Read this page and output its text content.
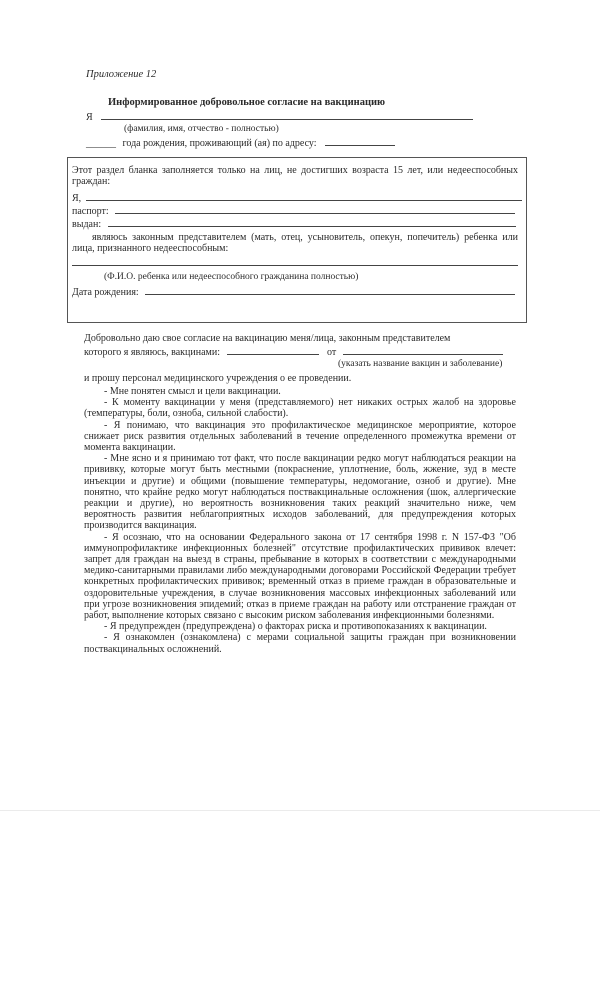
Приложение 12
Информированное добровольное согласие на вакцинацию
Я
(фамилия, имя, отчество - полностью)
______ года рождения, проживающий (ая) по адресу:
Этот раздел бланка заполняется только на лиц, не достигших возраста 15 лет, или недееспособных граждан:
Я,
паспорт:
выдан:
являюсь законным представителем (мать, отец, усыновитель, опекун, попечитель) ребенка или лица, признанного недееспособным:
(Ф.И.О. ребенка или недееспособного гражданина полностью)
Дата рождения:
Добровольно даю свое согласие на вакцинацию меня/лица, законным представителем
которого я являюсь, вакцинами:	от
(указать название вакцин и заболевание)
и прошу персонал медицинского учреждения о ее проведении.

- Мне понятен смысл и цели вакцинации.

- К моменту вакцинации у меня (представляемого) нет никаких острых жалоб на здоровье (температуры, боли, озноба, сильной слабости).

- Я понимаю, что вакцинация это профилактическое медицинское мероприятие, которое снижает риск развития отдельных заболеваний в течение определенного промежутка времени от момента вакцинации.

- Мне ясно и я принимаю тот факт, что после вакцинации редко могут наблюдаться реакции на прививку, которые могут быть местными (покраснение, уплотнение, боль, жжение, зуд в месте инъекции и другие) и общими (повышение температуры, недомогание, озноб и другие). Мне понятно, что крайне редко могут наблюдаться поствакцинальные осложнения (шок, аллергические реакции и другие), но вероятность возникновения таких реакций значительно ниже, чем вероятность развития неблагоприятных исходов заболеваний, для предупреждения которых производится вакцинация.

- Я осознаю, что на основании Федерального закона от 17 сентября 1998 г. N 157-ФЗ "Об иммунопрофилактике инфекционных болезней" отсутствие профилактических прививок влечет: запрет для граждан на выезд в страны, пребывание в которых в соответствии с международными медико-санитарными правилами либо международными договорами Российской Федерации требует конкретных профилактических прививок; временный отказ в приеме граждан в образовательные и оздоровительные учреждения, в случае возникновения массовых инфекционных заболеваний или при угрозе возникновения эпидемий; отказ в приеме граждан на работу или отстранение граждан от работ, выполнение которых связано с высоким риском заболевания инфекционными болезнями.

- Я предупрежден (предупреждена) о факторах риска и противопоказаниях к вакцинации.

- Я ознакомлен (ознакомлена) с мерами социальной защиты граждан при возникновении поствакцинальных осложнений.
